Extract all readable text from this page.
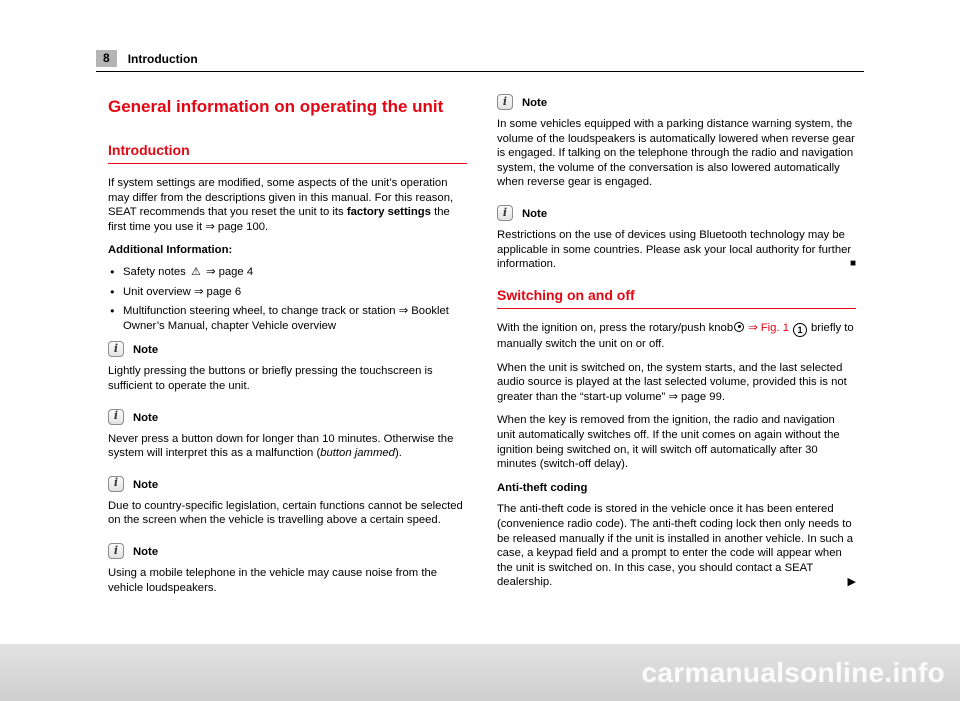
8	Introduction
General information on operating the unit
Introduction

If system settings are modified, some aspects of the unit’s operation may differ from the descriptions given in this manual. For this reason, SEAT recommends that you reset the unit to its factory settings the first time you use it ⇒ page 100.

Additional Information:

● Safety notes ⚠ ⇒ page 4
● Unit overview ⇒ page 6
● Multifunction steering wheel, to change track or station ⇒ Booklet Owner’s Manual, chapter Vehicle overview
i Note

Lightly pressing the buttons or briefly pressing the touchscreen is sufficient to operate the unit.

i Note

Never press a button down for longer than 10 minutes. Otherwise the system will interpret this as a malfunction (button jammed).

i Note

Due to country-specific legislation, certain functions cannot be selected on the screen when the vehicle is travelling above a certain speed.

i Note

Using a mobile telephone in the vehicle may cause noise from the vehicle loudspeakers.

i Note

In some vehicles equipped with a parking distance warning system, the volume of the loudspeakers is automatically lowered when reverse gear is engaged. If talking on the telephone through the radio and navigation system, the volume of the conversation is also lowered automatically when reverse gear is engaged.

i Note

Restrictions on the use of devices using Bluetooth technology may be applicable in some countries. Please ask your local authority for further information.	■

Switching on and off

With the ignition on, press the rotary/push knob ⇒ Fig. 1 1 briefly to manually switch the unit on or off.

When the unit is switched on, the system starts, and the last selected audio source is played at the last selected volume, provided this is not greater than the “start-up volume” ⇒ page 99.

When the key is removed from the ignition, the radio and navigation unit automatically switches off. If the unit comes on again without the ignition being switched on, it will switch off automatically after 30 minutes (switch-off delay).

Anti-theft coding

The anti-theft code is stored in the vehicle once it has been entered (convenience radio code). The anti-theft coding lock then only needs to be released manually if the unit is installed in another vehicle. In such a case, a keypad field and a prompt to enter the code will appear when the unit is switched on. In this case, you should contact a SEAT dealership.	▶

carmanualsonline.info
